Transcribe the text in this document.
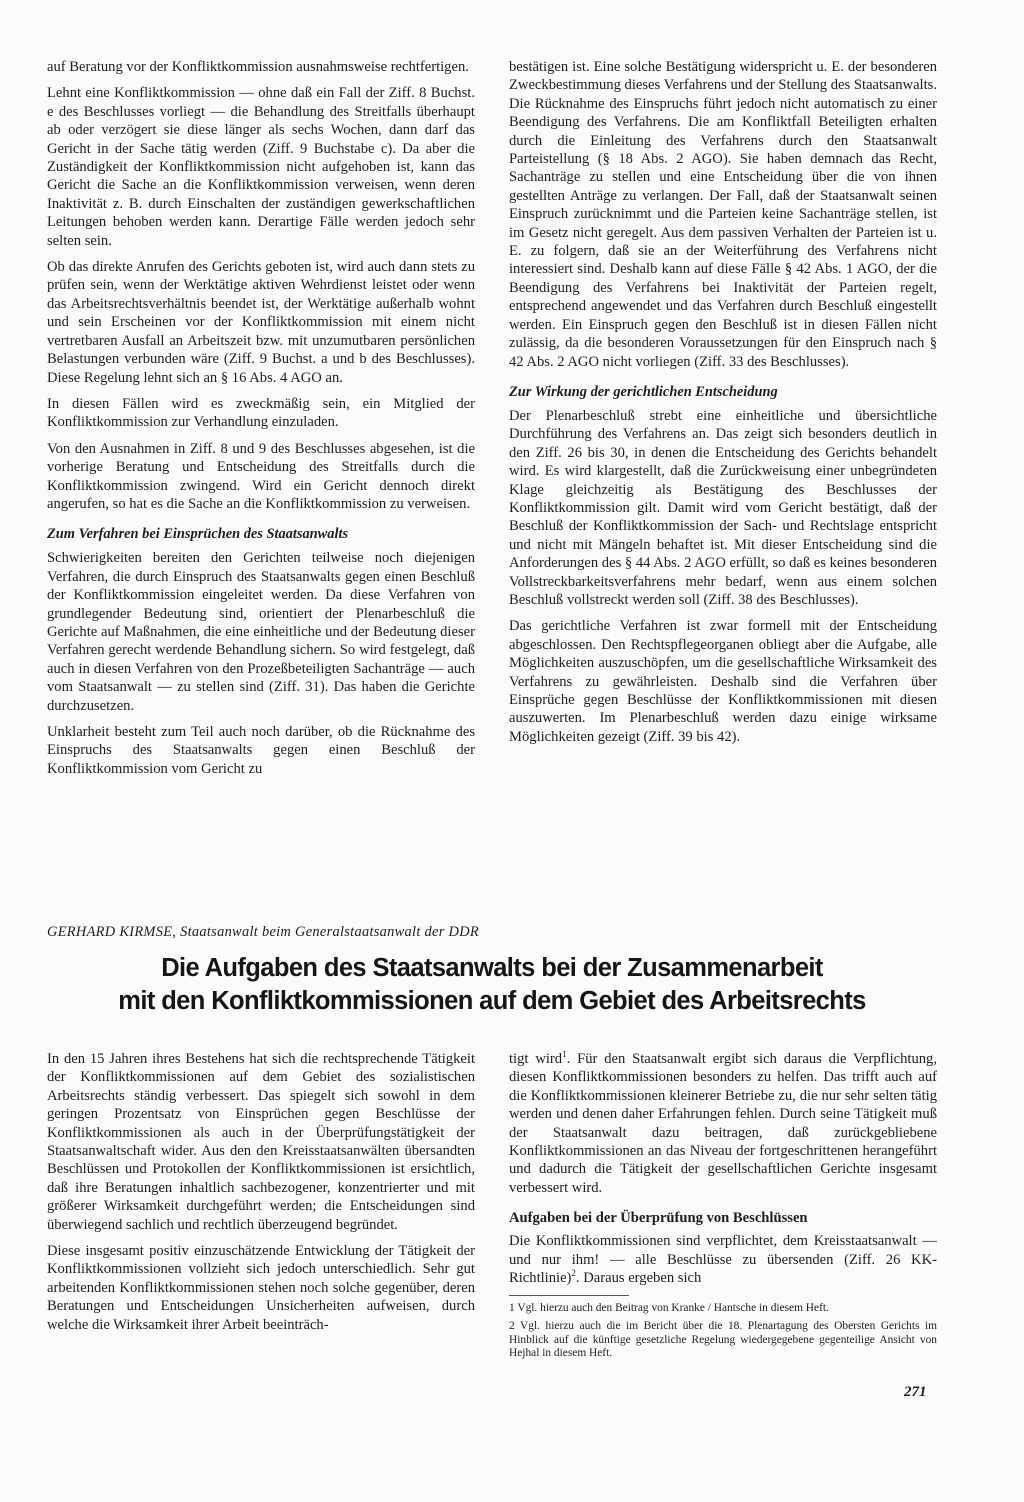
auf Beratung vor der Konfliktkommission ausnahmsweise rechtfertigen.

Lehnt eine Konfliktkommission — ohne daß ein Fall der Ziff. 8 Buchst. e des Beschlusses vorliegt — die Behandlung des Streitfalls überhaupt ab oder verzögert sie diese länger als sechs Wochen, dann darf das Gericht in der Sache tätig werden (Ziff. 9 Buchstabe c). Da aber die Zuständigkeit der Konfliktkommission nicht aufgehoben ist, kann das Gericht die Sache an die Konfliktkommission verweisen, wenn deren Inaktivität z. B. durch Einschalten der zuständigen gewerkschaftlichen Leitungen behoben werden kann. Derartige Fälle werden jedoch sehr selten sein.

Ob das direkte Anrufen des Gerichts geboten ist, wird auch dann stets zu prüfen sein, wenn der Werktätige aktiven Wehrdienst leistet oder wenn das Arbeitsrechtsverhältnis beendet ist, der Werktätige außerhalb wohnt und sein Erscheinen vor der Konfliktkommission mit einem nicht vertretbaren Ausfall an Arbeitszeit bzw. mit unzumutbaren persönlichen Belastungen verbunden wäre (Ziff. 9 Buchst. a und b des Beschlusses). Diese Regelung lehnt sich an § 16 Abs. 4 AGO an.

In diesen Fällen wird es zweckmäßig sein, ein Mitglied der Konfliktkommission zur Verhandlung einzuladen.

Von den Ausnahmen in Ziff. 8 und 9 des Beschlusses abgesehen, ist die vorherige Beratung und Entscheidung des Streitfalls durch die Konfliktkommission zwingend. Wird ein Gericht dennoch direkt angerufen, so hat es die Sache an die Konfliktkommission zu verweisen.

Zum Verfahren bei Einsprüchen des Staatsanwalts

Schwierigkeiten bereiten den Gerichten teilweise noch diejenigen Verfahren, die durch Einspruch des Staatsanwalts gegen einen Beschluß der Konfliktkommission eingeleitet werden. Da diese Verfahren von grundlegender Bedeutung sind, orientiert der Plenarbeschluß die Gerichte auf Maßnahmen, die eine einheitliche und der Bedeutung dieser Verfahren gerecht werdende Behandlung sichern. So wird festgelegt, daß auch in diesen Verfahren von den Prozeßbeteiligten Sachanträge — auch vom Staatsanwalt — zu stellen sind (Ziff. 31). Das haben die Gerichte durchzusetzen.

Unklarheit besteht zum Teil auch noch darüber, ob die Rücknahme des Einspruchs des Staatsanwalts gegen einen Beschluß der Konfliktkommission vom Gericht zu

bestätigen ist. Eine solche Bestätigung widerspricht u. E. der besonderen Zweckbestimmung dieses Verfahrens und der Stellung des Staatsanwalts. Die Rücknahme des Einspruchs führt jedoch nicht automatisch zu einer Beendigung des Verfahrens. Die am Konfliktfall Beteiligten erhalten durch die Einleitung des Verfahrens durch den Staatsanwalt Parteistellung (§ 18 Abs. 2 AGO). Sie haben demnach das Recht, Sachanträge zu stellen und eine Entscheidung über die von ihnen gestellten Anträge zu verlangen. Der Fall, daß der Staatsanwalt seinen Einspruch zurücknimmt und die Parteien keine Sachanträge stellen, ist im Gesetz nicht geregelt. Aus dem passiven Verhalten der Parteien ist u. E. zu folgern, daß sie an der Weiterführung des Verfahrens nicht interessiert sind. Deshalb kann auf diese Fälle § 42 Abs. 1 AGO, der die Beendigung des Verfahrens bei Inaktivität der Parteien regelt, entsprechend angewendet und das Verfahren durch Beschluß eingestellt werden. Ein Einspruch gegen den Beschluß ist in diesen Fällen nicht zulässig, da die besonderen Voraussetzungen für den Einspruch nach § 42 Abs. 2 AGO nicht vorliegen (Ziff. 33 des Beschlusses).

Zur Wirkung der gerichtlichen Entscheidung

Der Plenarbeschluß strebt eine einheitliche und übersichtliche Durchführung des Verfahrens an. Das zeigt sich besonders deutlich in den Ziff. 26 bis 30, in denen die Entscheidung des Gerichts behandelt wird. Es wird klargestellt, daß die Zurückweisung einer unbegründeten Klage gleichzeitig als Bestätigung des Beschlusses der Konfliktkommission gilt. Damit wird vom Gericht bestätigt, daß der Beschluß der Konfliktkommission der Sach- und Rechtslage entspricht und nicht mit Mängeln behaftet ist. Mit dieser Entscheidung sind die Anforderungen des § 44 Abs. 2 AGO erfüllt, so daß es keines besonderen Vollstreckbarkeitsverfahrens mehr bedarf, wenn aus einem solchen Beschluß vollstreckt werden soll (Ziff. 38 des Beschlusses).

Das gerichtliche Verfahren ist zwar formell mit der Entscheidung abgeschlossen. Den Rechtspflegeorganen obliegt aber die Aufgabe, alle Möglichkeiten auszuschöpfen, um die gesellschaftliche Wirksamkeit des Verfahrens zu gewährleisten. Deshalb sind die Verfahren über Einsprüche gegen Beschlüsse der Konfliktkommissionen mit diesen auszuwerten. Im Plenarbeschluß werden dazu einige wirksame Möglichkeiten gezeigt (Ziff. 39 bis 42).

GERHARD KIRMSE, Staatsanwalt beim Generalstaatsanwalt der DDR
Die Aufgaben des Staatsanwalts bei der Zusammenarbeit
mit den Konfliktkommissionen auf dem Gebiet des Arbeitsrechts

In den 15 Jahren ihres Bestehens hat sich die rechtsprechende Tätigkeit der Konfliktkommissionen auf dem Gebiet des sozialistischen Arbeitsrechts ständig verbessert. Das spiegelt sich sowohl in dem geringen Prozentsatz von Einsprüchen gegen Beschlüsse der Konfliktkommissionen als auch in der Überprüfungstätigkeit der Staatsanwaltschaft wider. Aus den den Kreisstaatsanwälten übersandten Beschlüssen und Protokollen der Konfliktkommissionen ist ersichtlich, daß ihre Beratungen inhaltlich sachbezogener, konzentrierter und mit größerer Wirksamkeit durchgeführt werden; die Entscheidungen sind überwiegend sachlich und rechtlich überzeugend begründet.

Diese insgesamt positiv einzuschätzende Entwicklung der Tätigkeit der Konfliktkommissionen vollzieht sich jedoch unterschiedlich. Sehr gut arbeitenden Konfliktkommissionen stehen noch solche gegenüber, deren Beratungen und Entscheidungen Unsicherheiten aufweisen, durch welche die Wirksamkeit ihrer Arbeit beeinträch-

tigt wird$^1$. Für den Staatsanwalt ergibt sich daraus die Verpflichtung, diesen Konfliktkommissionen besonders zu helfen. Das trifft auch auf die Konfliktkommissionen kleinerer Betriebe zu, die nur sehr selten tätig werden und denen daher Erfahrungen fehlen. Durch seine Tätigkeit muß der Staatsanwalt dazu beitragen, daß zurückgebliebene Konfliktkommissionen an das Niveau der fortgeschrittenen herangeführt und dadurch die Tätigkeit der gesellschaftlichen Gerichte insgesamt verbessert wird.

Aufgaben bei der Überprüfung von Beschlüssen

Die Konfliktkommissionen sind verpflichtet, dem Kreisstaatsanwalt — und nur ihm! — alle Beschlüsse zu übersenden (Ziff. 26 KK-Richtlinie)$^2$. Daraus ergeben sich

1 Vgl. hierzu auch den Beitrag von Kranke / Hantsche in diesem Heft.

2 Vgl. hierzu auch die im Bericht über die 18. Plenartagung des Obersten Gerichts im Hinblick auf die künftige gesetzliche Regelung wiedergegebene gegenteilige Ansicht von Hejhal in diesem Heft.

271
